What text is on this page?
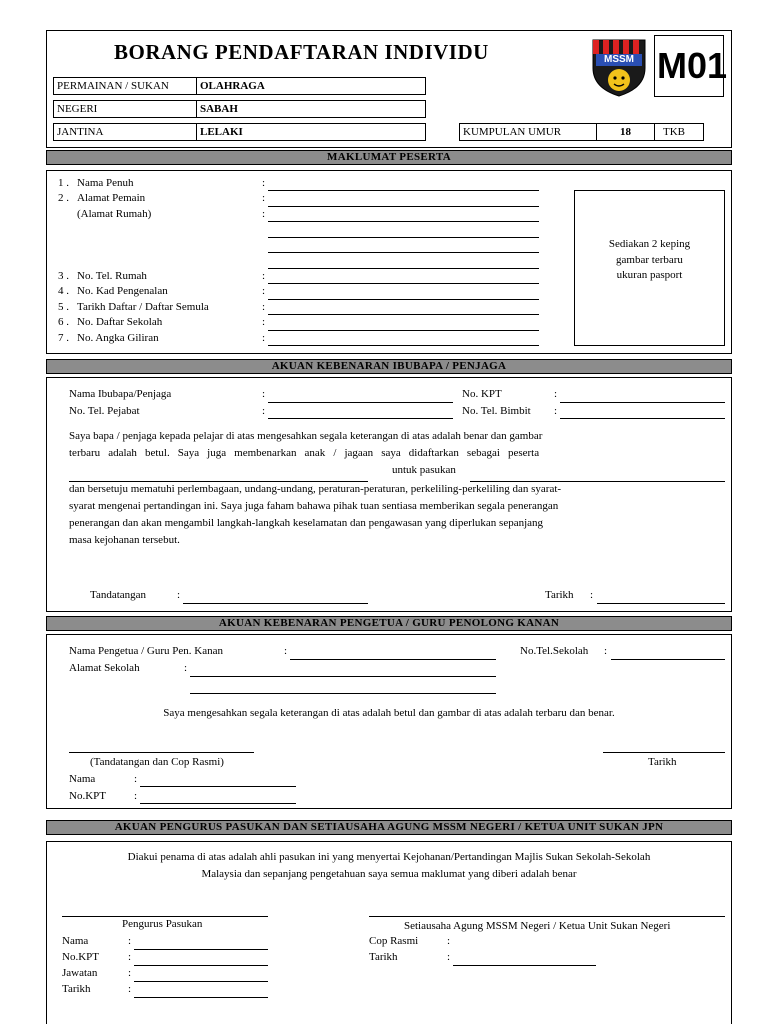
BORANG PENDAFTARAN INDIVIDU	MSSM M01
PERMAINAN / SUKAN	OLAHRAGA
NEGERI	SABAH
JANTINA	LELAKI	KUMPULAN UMUR	18	TKB
MAKLUMAT PESERTA
1 . Nama Penuh	:
2 . Alamat Pemain	:
(Alamat Rumah)	:
3 . No. Tel. Rumah	:
4 . No. Kad Pengenalan	:
5 . Tarikh Daftar / Daftar Semula	:
6 . No. Daftar Sekolah	:
7 . No. Angka Giliran	:
Sediakan 2 keping
gambar terbaru
ukuran pasport
AKUAN KEBENARAN IBUBAPA / PENJAGA
Nama Ibubapa/Penjaga	:	No. KPT	:
No. Tel. Pejabat	:	No. Tel. Bimbit :
Saya bapa / penjaga kepada pelajar di atas mengesahkan segala keterangan di atas adalah benar dan gambar
terbaru adalah betul. Saya juga membenarkan anak / jagaan saya didaftarkan sebagai peserta
untuk pasukan
dan bersetuju mematuhi perlembagaan, undang-undang, peraturan-peraturan, perkeliling-perkeliling dan syarat-
syarat mengenai pertandingan ini. Saya juga faham bahawa pihak tuan sentiasa memberikan segala penerangan
penerangan dan akan mengambil langkah-langkah keselamatan dan pengawasan yang diperlukan sepanjang
masa kejohanan tersebut.
Tandatangan	:	Tarikh :
AKUAN KEBENARAN PENGETUA / GURU PENOLONG KANAN
Nama Pengetua / Guru Pen. Kanan	:	No.Tel.Sekolah :
Alamat Sekolah	:
Saya mengesahkan segala keterangan di atas adalah betul dan gambar di atas adalah terbaru dan benar.
(Tandatangan dan Cop Rasmi)	Tarikh
Nama	:
No.KPT	:
AKUAN PENGURUS PASUKAN DAN SETIAUSAHA AGUNG MSSM NEGERI / KETUA UNIT SUKAN JPN
Diakui penama di atas adalah ahli pasukan ini yang menyertai Kejohanan/Pertandingan Majlis Sukan Sekolah-Sekolah
Malaysia dan sepanjang pengetahuan saya semua maklumat yang diberi adalah benar
Pengurus Pasukan	Setiausaha Agung MSSM Negeri / Ketua Unit Sukan Negeri
Nama	:	Cop Rasmi	:
No.KPT	:	Tarikh	:
Jawatan	:
Tarikh	:
